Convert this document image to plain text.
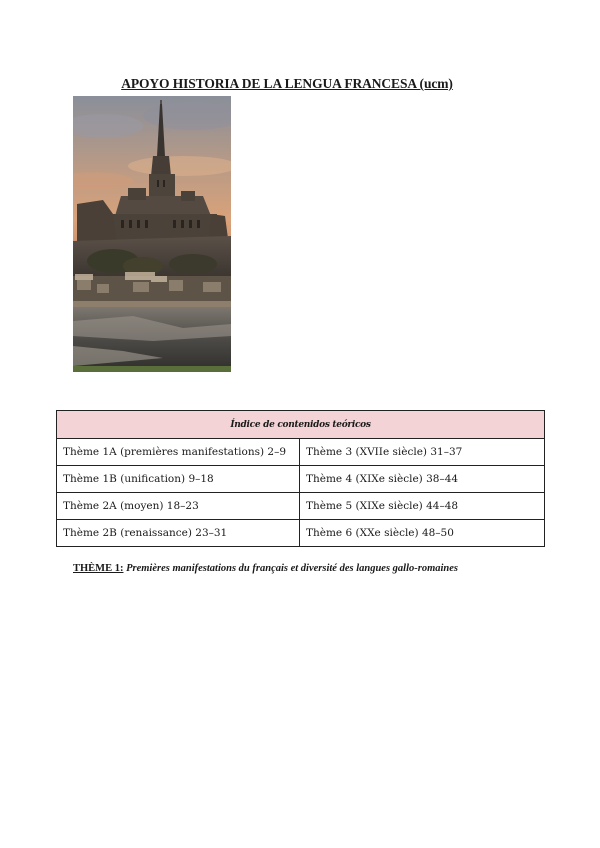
APOYO HISTORIA DE LA LENGUA FRANCESA (ucm)
Índice de contenidos teóricos	
Thème 1A (premières manifestations) 2–9	Thème 3 (XVIIe siècle) 31–37
Thème 1B (unification) 9–18	Thème 4 (XIXe siècle) 38–44
Thème 2A (moyen) 18–23	Thème 5 (XIXe siècle) 44–48
Thème 2B (renaissance) 23–31	Thème 6 (XXe siècle) 48–50
THÈME 1: Premières manifestations du français et diversité des langues gallo-romaines
